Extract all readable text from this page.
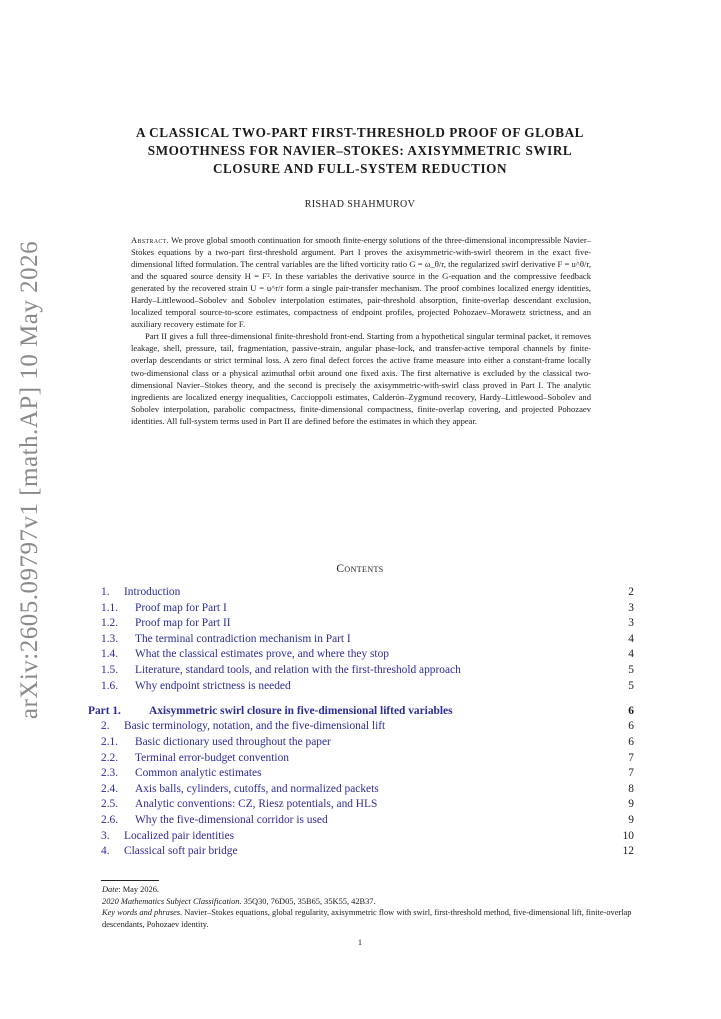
arXiv:2605.09797v1 [math.AP] 10 May 2026
A CLASSICAL TWO-PART FIRST-THRESHOLD PROOF OF GLOBAL
SMOOTHNESS FOR NAVIER–STOKES: AXISYMMETRIC SWIRL
CLOSURE AND FULL-SYSTEM REDUCTION
RISHAD SHAHMUROV

Abstract. We prove global smooth continuation for smooth finite-energy solutions of the three-dimensional incompressible Navier–Stokes equations by a two-part first-threshold argument. Part I proves the axisymmetric-with-swirl theorem in the exact five-dimensional lifted formulation. The central variables are the lifted vorticity ratio G = ω_θ/r, the regularized swirl derivative F = u^θ/r, and the squared source density H = F². In these variables the derivative source in the G-equation and the compressive feedback generated by the recovered strain U = u^r/r form a single pair-transfer mechanism. The proof combines localized energy identities, Hardy–Littlewood–Sobolev and Sobolev interpolation estimates, pair-threshold absorption, finite-overlap descendant exclusion, localized temporal source-to-score estimates, compactness of endpoint profiles, projected Pohozaev–Morawetz strictness, and an auxiliary recovery estimate for F.

Part II gives a full three-dimensional finite-threshold front-end. Starting from a hypothetical singular terminal packet, it removes leakage, shell, pressure, tail, fragmentation, passive-strain, angular phase-lock, and transfer-active temporal channels by finite-overlap descendants or strict terminal loss. A zero final defect forces the active frame measure into either a constant-frame locally two-dimensional class or a physical azimuthal orbit around one fixed axis. The first alternative is excluded by the classical two-dimensional Navier–Stokes theory, and the second is precisely the axisymmetric-with-swirl class proved in Part I. The analytic ingredients are localized energy inequalities, Caccioppoli estimates, Calderón–Zygmund recovery, Hardy–Littlewood–Sobolev and Sobolev interpolation, parabolic compactness, finite-dimensional compactness, finite-overlap covering, and projected Pohozaev identities. All full-system terms used in Part II are defined before the estimates in which they appear.

Contents
1.	Introduction	2
1.1.	Proof map for Part I	3
1.2.	Proof map for Part II	3
1.3.	The terminal contradiction mechanism in Part I	4
1.4.	What the classical estimates prove, and where they stop	4
1.5.	Literature, standard tools, and relation with the first-threshold approach	5
1.6.	Why endpoint strictness is needed	5
Part 1.	Axisymmetric swirl closure in five-dimensional lifted variables	6
2.	Basic terminology, notation, and the five-dimensional lift	6
2.1.	Basic dictionary used throughout the paper	6
2.2.	Terminal error-budget convention	7
2.3.	Common analytic estimates	7
2.4.	Axis balls, cylinders, cutoffs, and normalized packets	8
2.5.	Analytic conventions: CZ, Riesz potentials, and HLS	9
2.6.	Why the five-dimensional corridor is used	9
3.	Localized pair identities	10
4.	Classical soft pair bridge	12

Date: May 2026.

2020 Mathematics Subject Classification. 35Q30, 76D05, 35B65, 35K55, 42B37.

Key words and phrases. Navier–Stokes equations, global regularity, axisymmetric flow with swirl, first-threshold method, five-dimensional lift, finite-overlap descendants, Pohozaev identity.

1
